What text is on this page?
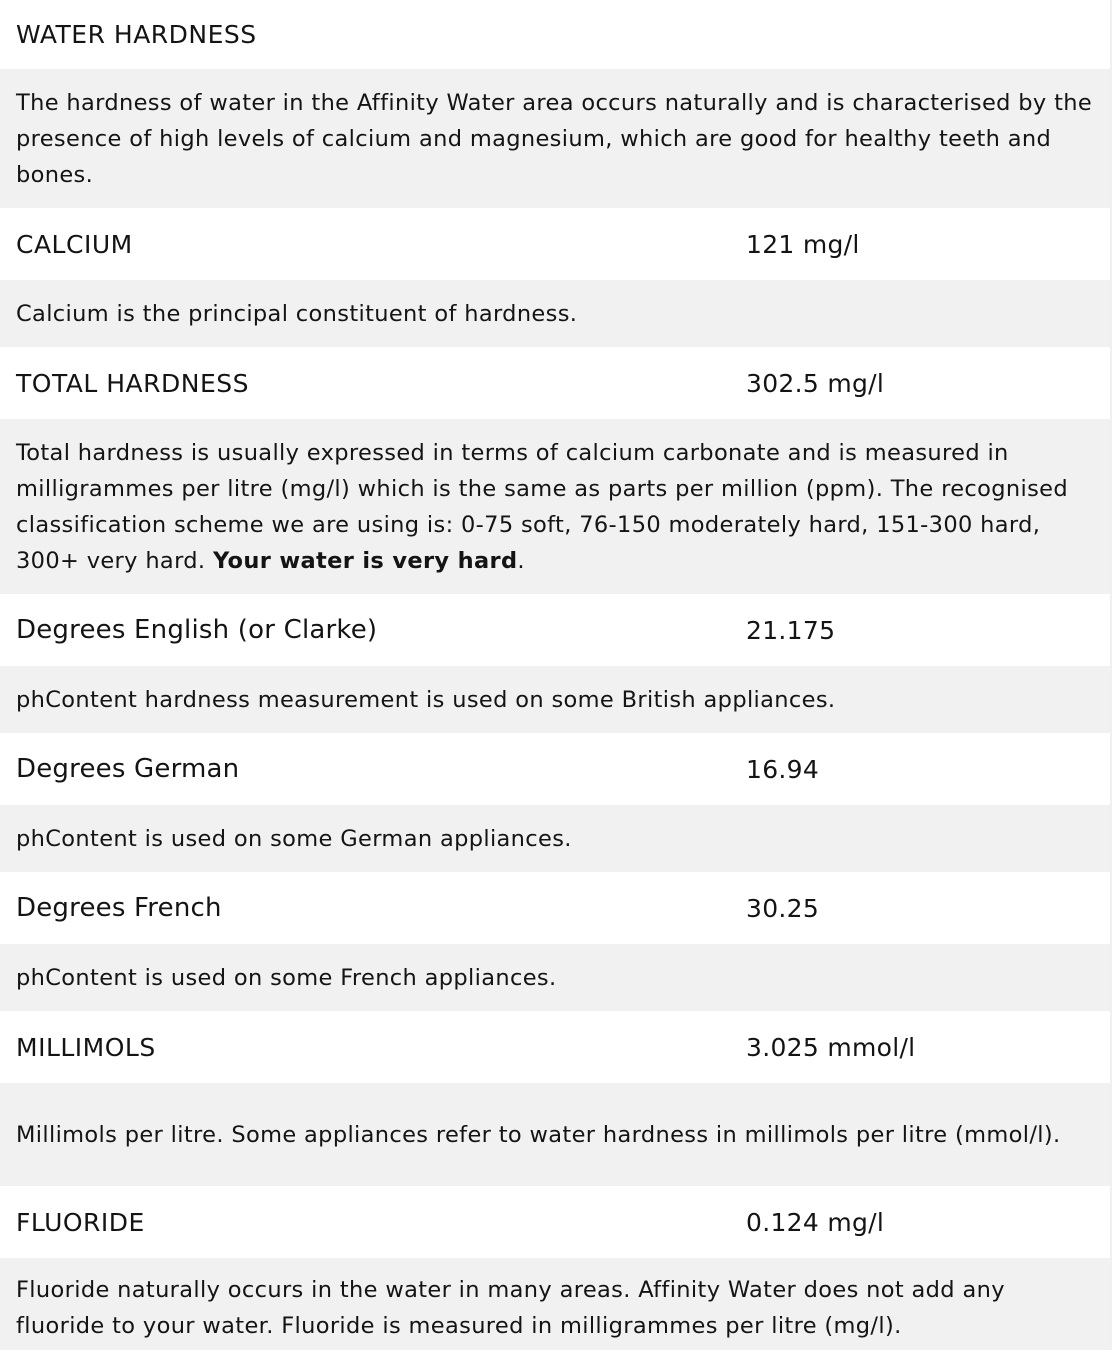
WATER HARDNESS
The hardness of water in the Affinity Water area occurs naturally and is characterised by the presence of high levels of calcium and magnesium, which are good for healthy teeth and bones.
CALCIUM	121 mg/l
Calcium is the principal constituent of hardness.
TOTAL HARDNESS	302.5 mg/l
Total hardness is usually expressed in terms of calcium carbonate and is measured in milligrammes per litre (mg/l) which is the same as parts per million (ppm). The recognised classification scheme we are using is: 0-75 soft, 76-150 moderately hard, 151-300 hard, 300+ very hard. Your water is very hard.
Degrees English (or Clarke)	21.175
phContent hardness measurement is used on some British appliances.
Degrees German	16.94
phContent is used on some German appliances.
Degrees French	30.25
phContent is used on some French appliances.
MILLIMOLS	3.025 mmol/l
Millimols per litre. Some appliances refer to water hardness in millimols per litre (mmol/l).
FLUORIDE	0.124 mg/l
Fluoride naturally occurs in the water in many areas. Affinity Water does not add any fluoride to your water. Fluoride is measured in milligrammes per litre (mg/l).
